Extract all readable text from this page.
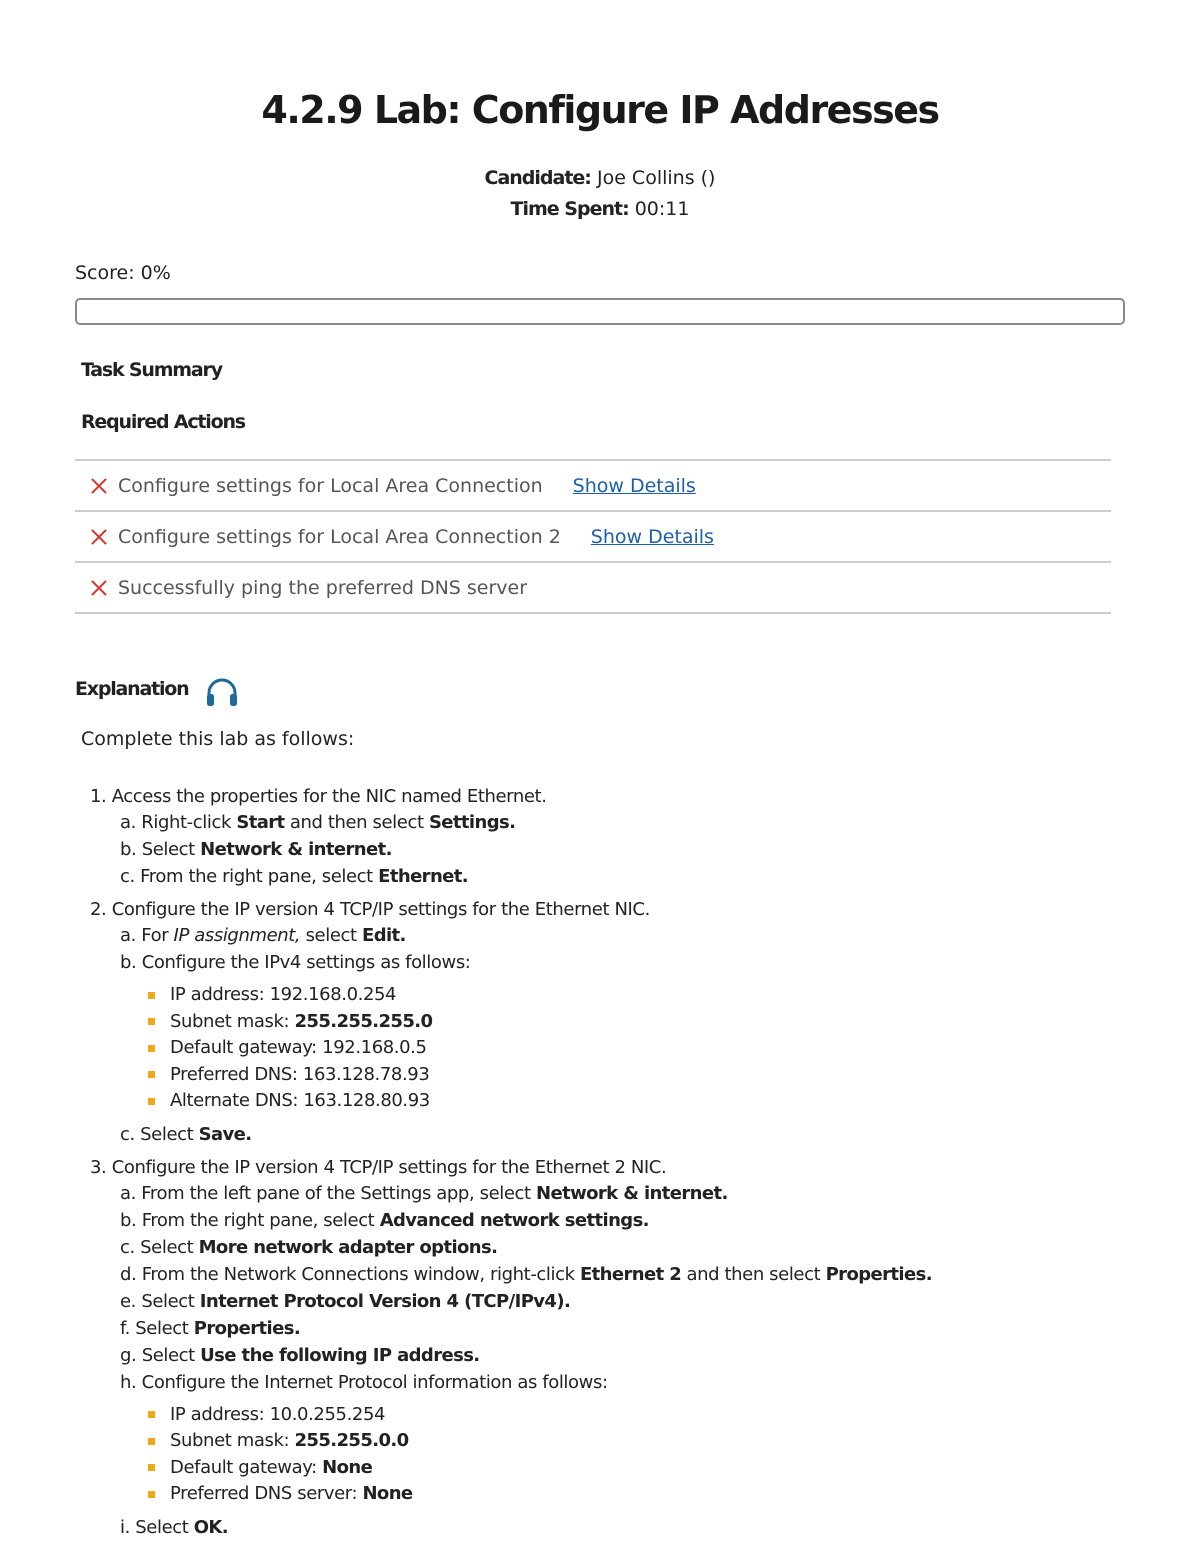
4.2.9 Lab: Configure IP Addresses
Candidate: Joe Collins ()
Time Spent: 00:11
Score: 0%
Task Summary
Required Actions
Configure settings for Local Area Connection Show Details
Configure settings for Local Area Connection 2 Show Details
Successfully ping the preferred DNS server
Explanation
Complete this lab as follows:
1. Access the properties for the NIC named Ethernet.
a. Right-click Start and then select Settings.
b. Select Network & internet.
c. From the right pane, select Ethernet.
2. Configure the IP version 4 TCP/IP settings for the Ethernet NIC.
a. For IP assignment, select Edit.
b. Configure the IPv4 settings as follows:
IP address:
192.168.0.254
Subnet mask:
255.255.255.0
Default gateway:
192.168.0.5
Preferred DNS:
163.128.78.93
Alternate DNS:
163.128.80.93
c. Select Save.
3. Configure the IP version 4 TCP/IP settings for the Ethernet 2 NIC.
a. From the left pane of the Settings app, select Network & internet.
b. From the right pane, select Advanced network settings.
c. Select More network adapter options.
d. From the Network Connections window, right-click Ethernet 2 and then select Properties.
e. Select Internet Protocol Version 4 (TCP/IPv4).
f. Select Properties.
g. Select Use the following IP address.
h. Configure the Internet Protocol information as follows:
IP address:
10.0.255.254
Subnet mask:
255.255.0.0
Default gateway:
None
Preferred DNS server:
None
i. Select OK.
